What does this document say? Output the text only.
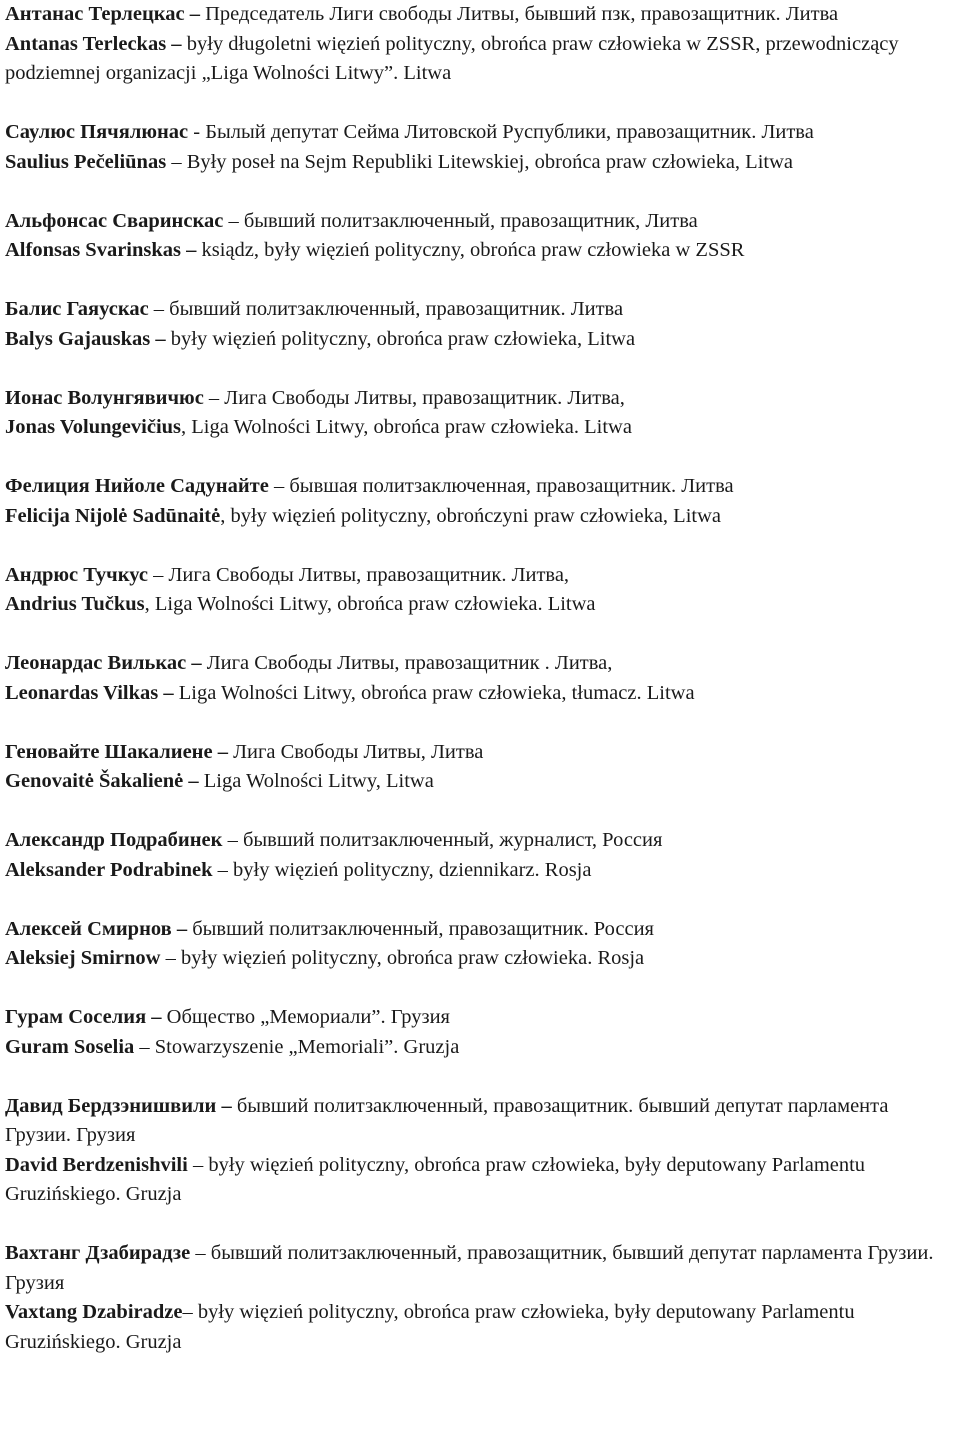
Антанас Терлецкас – Председатель Лиги свободы Литвы, бывший пзк, правозащитник. Литва

Antanas Terleckas – były długoletni więzień polityczny, obrońca praw człowieka w ZSSR, przewodniczący podziemnej organizacji „Liga Wolności Litwy”. Litwa

Саулюс Пячялюнас - Былый депутат Сейма Литовской Руспублики, правозащитник. Литва

Saulius Pečeliūnas – Były poseł na Sejm Republiki Litewskiej, obrońca praw człowieka, Litwa

Альфонсас Сваринскас – бывший политзаключенный, правозащитник, Литва

Alfonsas Svarinskas – ksiądz, były więzień polityczny, obrońca praw człowieka w ZSSR

Балис Гаяускас – бывший политзаключенный, правозащитник. Литва

Balys Gajauskas – były więzień polityczny, obrońca praw człowieka, Litwa

Ионас Волунгявичюс – Лига Свободы Литвы, правозащитник. Литва,

Jonas Volungevičius, Liga Wolności Litwy, obrońca praw człowieka. Litwa

Фелиция Нийоле Садунайте – бывшая политзаключенная, правозащитник. Литва

Felicija Nijolė Sadūnaitė, były więzień polityczny, obrończyni praw człowieka, Litwa

Андрюс Тучкус – Лига Свободы Литвы, правозащитник. Литва,

Andrius Tučkus, Liga Wolności Litwy, obrońca praw człowieka. Litwa

Леонардас Вилькас – Лига Свободы Литвы, правозащитник . Литва,

Leonardas Vilkas – Liga Wolności Litwy, obrońca praw człowieka, tłumacz. Litwa

Геновайте Шакалиене – Лига Свободы Литвы, Литва

Genovaitė Šakalienė – Liga Wolności Litwy, Litwa

Александр Подрабинек – бывший политзаключенный, журналист, Россия

Aleksander Podrabinek – były więzień polityczny, dziennikarz. Rosja

Алексей Смирнов – бывший политзаключенный, правозащитник. Россия

Aleksiej Smirnow – były więzień polityczny, obrońca praw człowieka. Rosja

Гурам Соселия – Общество „Мемориали”. Грузия

Guram Soselia – Stowarzyszenie „Memoriali”. Gruzja

Давид Бердзэнишвили – бывший политзаключенный, правозащитник. бывший депутат парламента Грузии. Грузия

David Berdzenishvili – były więzień polityczny, obrońca praw człowieka, były deputowany Parlamentu Gruzińskiego. Gruzja

Вахтанг Дзабирадзе – бывший политзаключенный, правозащитник, бывший депутат парламента Грузии. Грузия

Vaxtang Dzabiradze– były więzień polityczny, obrońca praw człowieka, były deputowany Parlamentu Gruzińskiego. Gruzja
